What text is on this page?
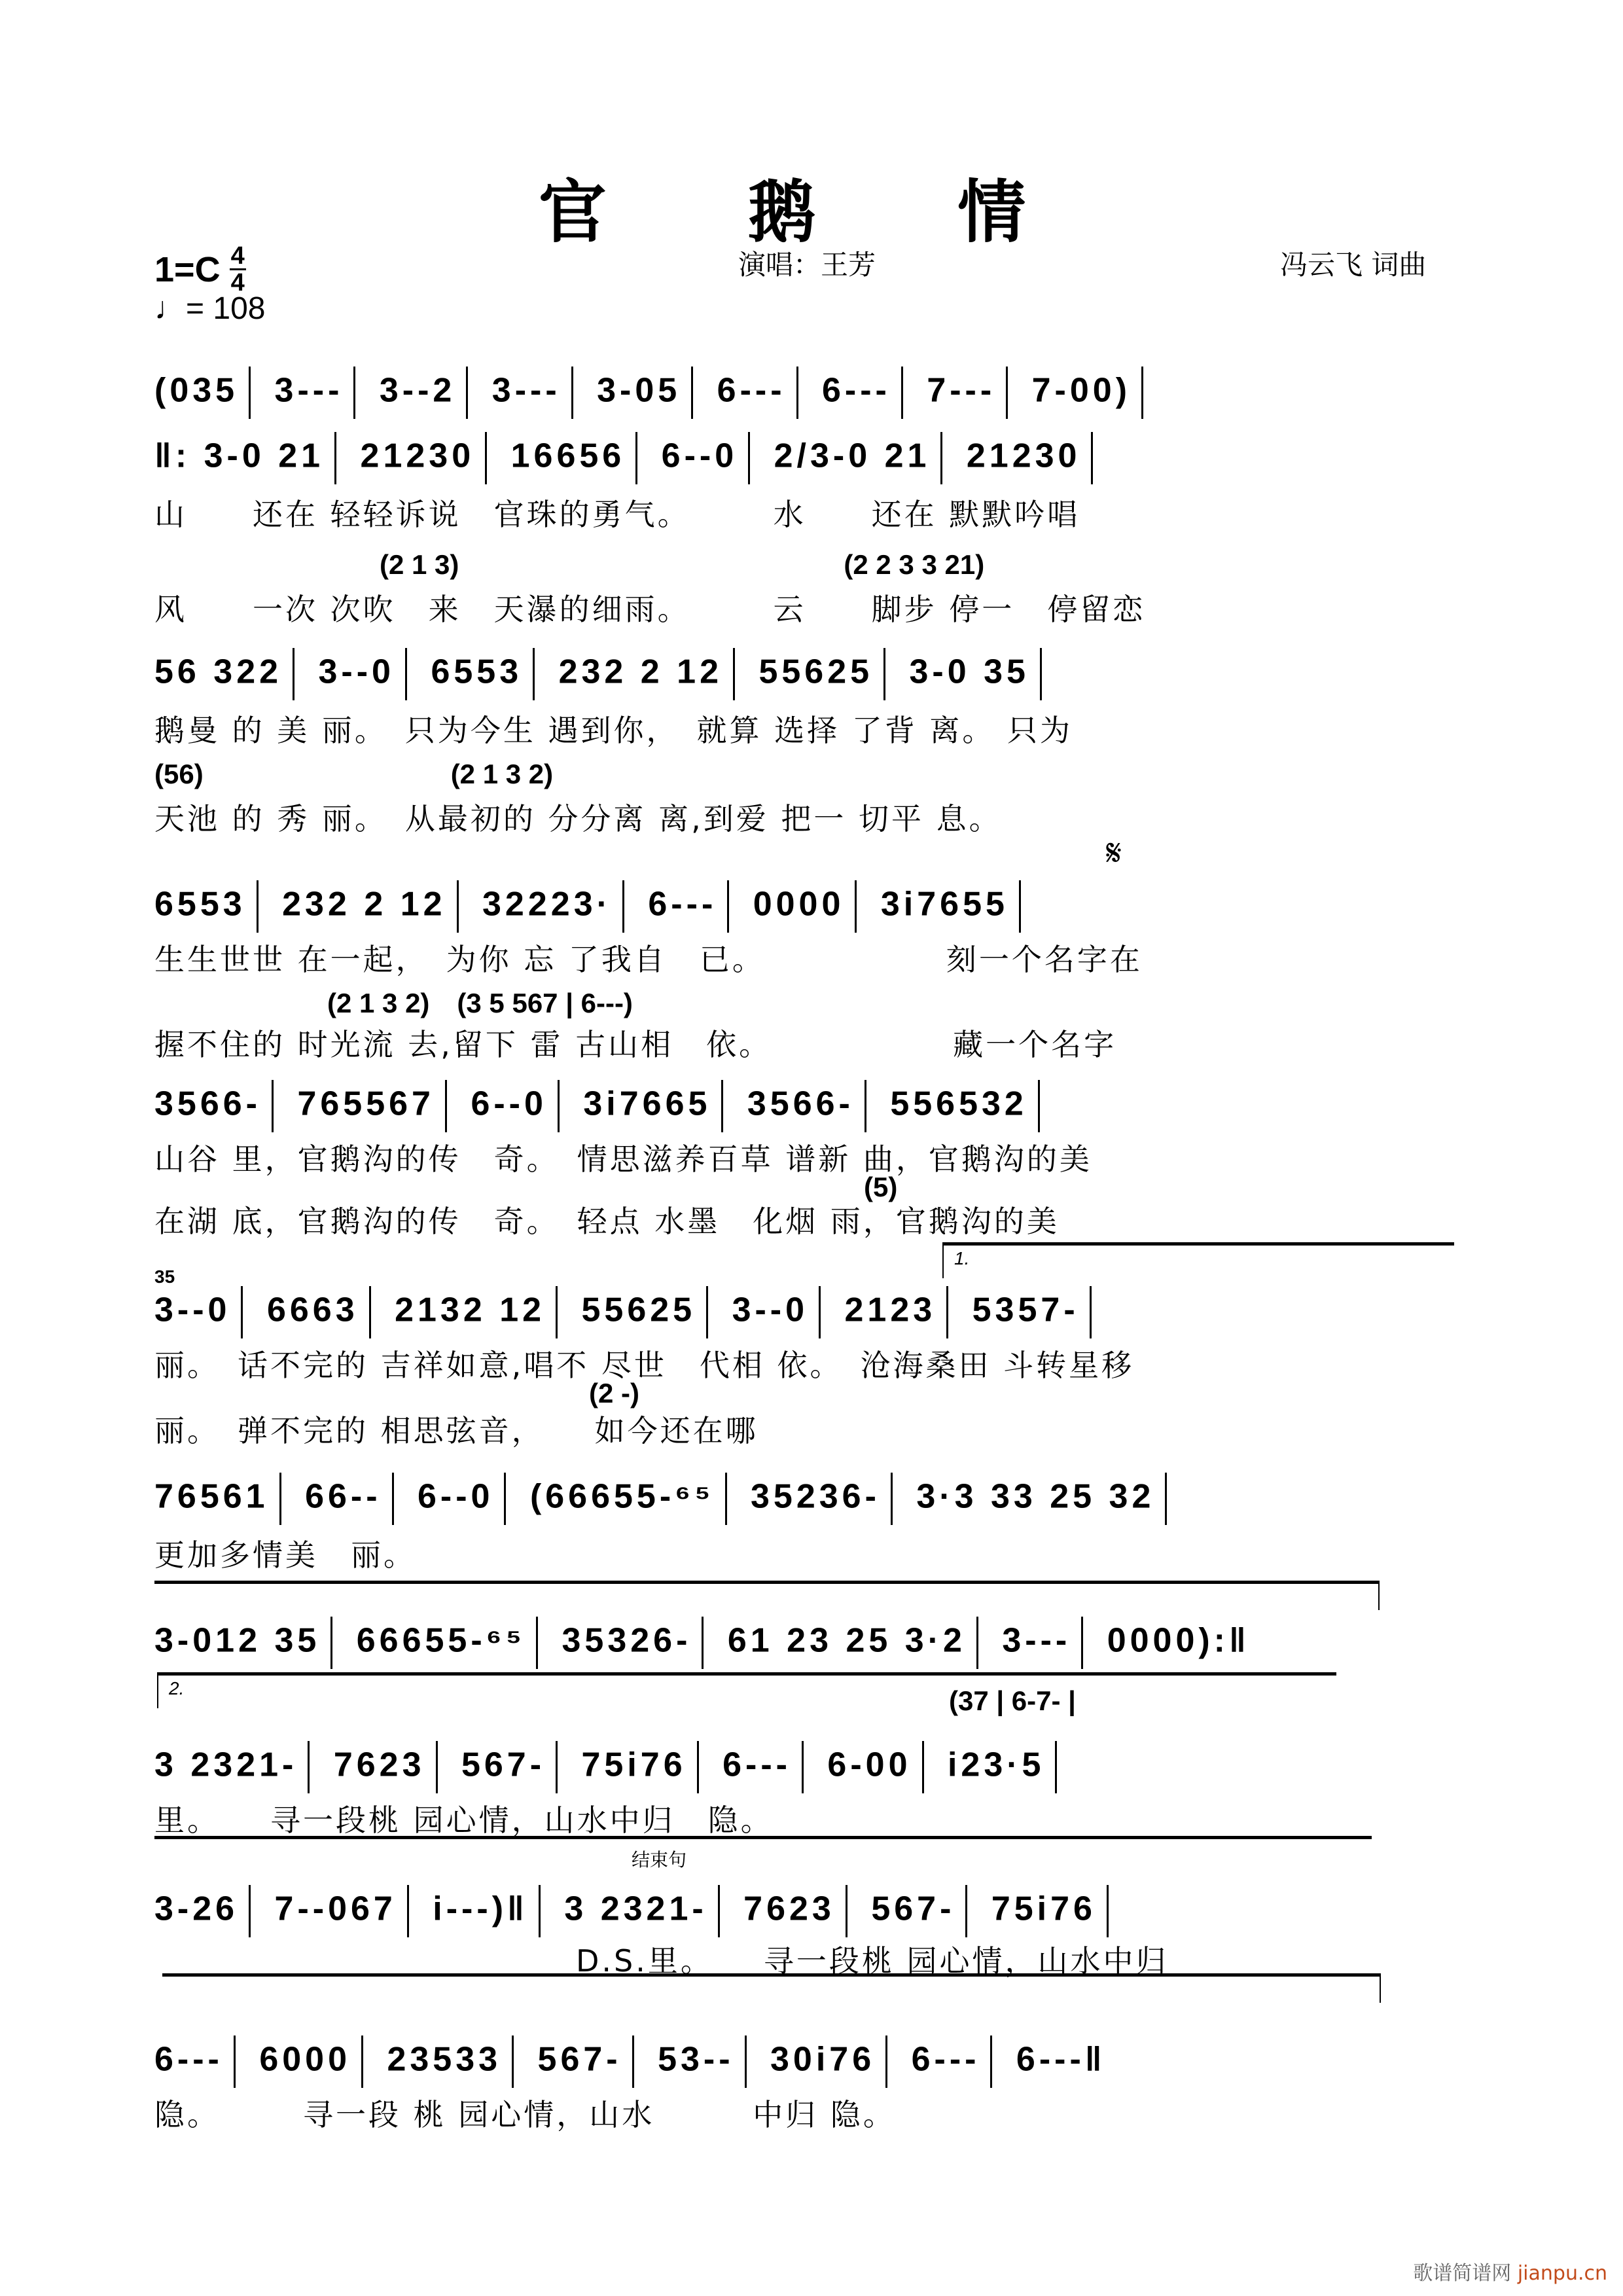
官 鹅 情
$1=C \frac{4}{4}$
♩= 108
演唱：王芳	冯云飞 词曲
(035 3--- 3--2 3--- 3-05 6--- 6--- 7--- 7-00)
‖: 3-0 21 21230 16656 6--0 2/3-0 21 21230
山　　还在 轻轻诉说　官珠的勇气。　　　水　　还在 默默吟唱
(2 1 3)　　　　　　　　　　　　　　(2 2 3 3 21)
风　　一次 次吹　来　天瀑的细雨。　　　云　　脚步 停一　停留恋
56 322 3--0 6553 232 2 12 55625 3-0 35
鹅曼 的 美 丽。　只为今生 遇到你，　就算 选择 了背 离。 只为
(56)　　　　　　　　　(2 1 3 2)
天池 的 秀 丽。　从最初的 分分离 离,到爱 把一 切平 息。
𝄋
6553 232 2 12 32223· 6--- 0000 3i7655
生生世世 在一起，　为你 忘 了我自　已。　　　　　　刻一个名字在
(2 1 3 2)　(3 5 567 | 6---)
握不住的 时光流 去,留下 雷 古山相　依。　　　　　　藏一个名字
3566- 765567 6--0 3i7665 3566- 556532
山谷 里，官鹅沟的传　奇。　情思滋养百草 谱新 曲，官鹅沟的美
(5)
在湖 底，官鹅沟的传　奇。　轻点 水墨　化烟 雨，官鹅沟的美
1.
35
3--0 6663 2132 12 55625 3--0 2123 5357-
丽。　话不完的 吉祥如意,唱不 尽世　代相 依。　沧海桑田 斗转星移
(2 -)
丽。　弹不完的 相思弦音，　　如今还在哪
76561 66-- 6--0 (66655-⁶⁵ 35236- 3·3 33 25 32
更加多情美　丽。
3-012 35 66655-⁶⁵ 35326- 61 23 25 3·2 3--- 0000):‖
2.	(37 | 6-7- |
3 2321- 7623 567- 75i76 6--- 6-00 i23·5
里。　　寻一段桃 园心情，山水中归　隐。
结束句
3-26 7--067 i---)‖ 3 2321- 7623 567- 75i76
D.S.里。　　寻一段桃 园心情，山水中归
6--- 6000 23533 567- 53-- 30i76 6--- 6---‖
隐。　　　寻一段 桃 园心情，山水　　　中归 隐。
歌谱简谱网 jianpu.cn
